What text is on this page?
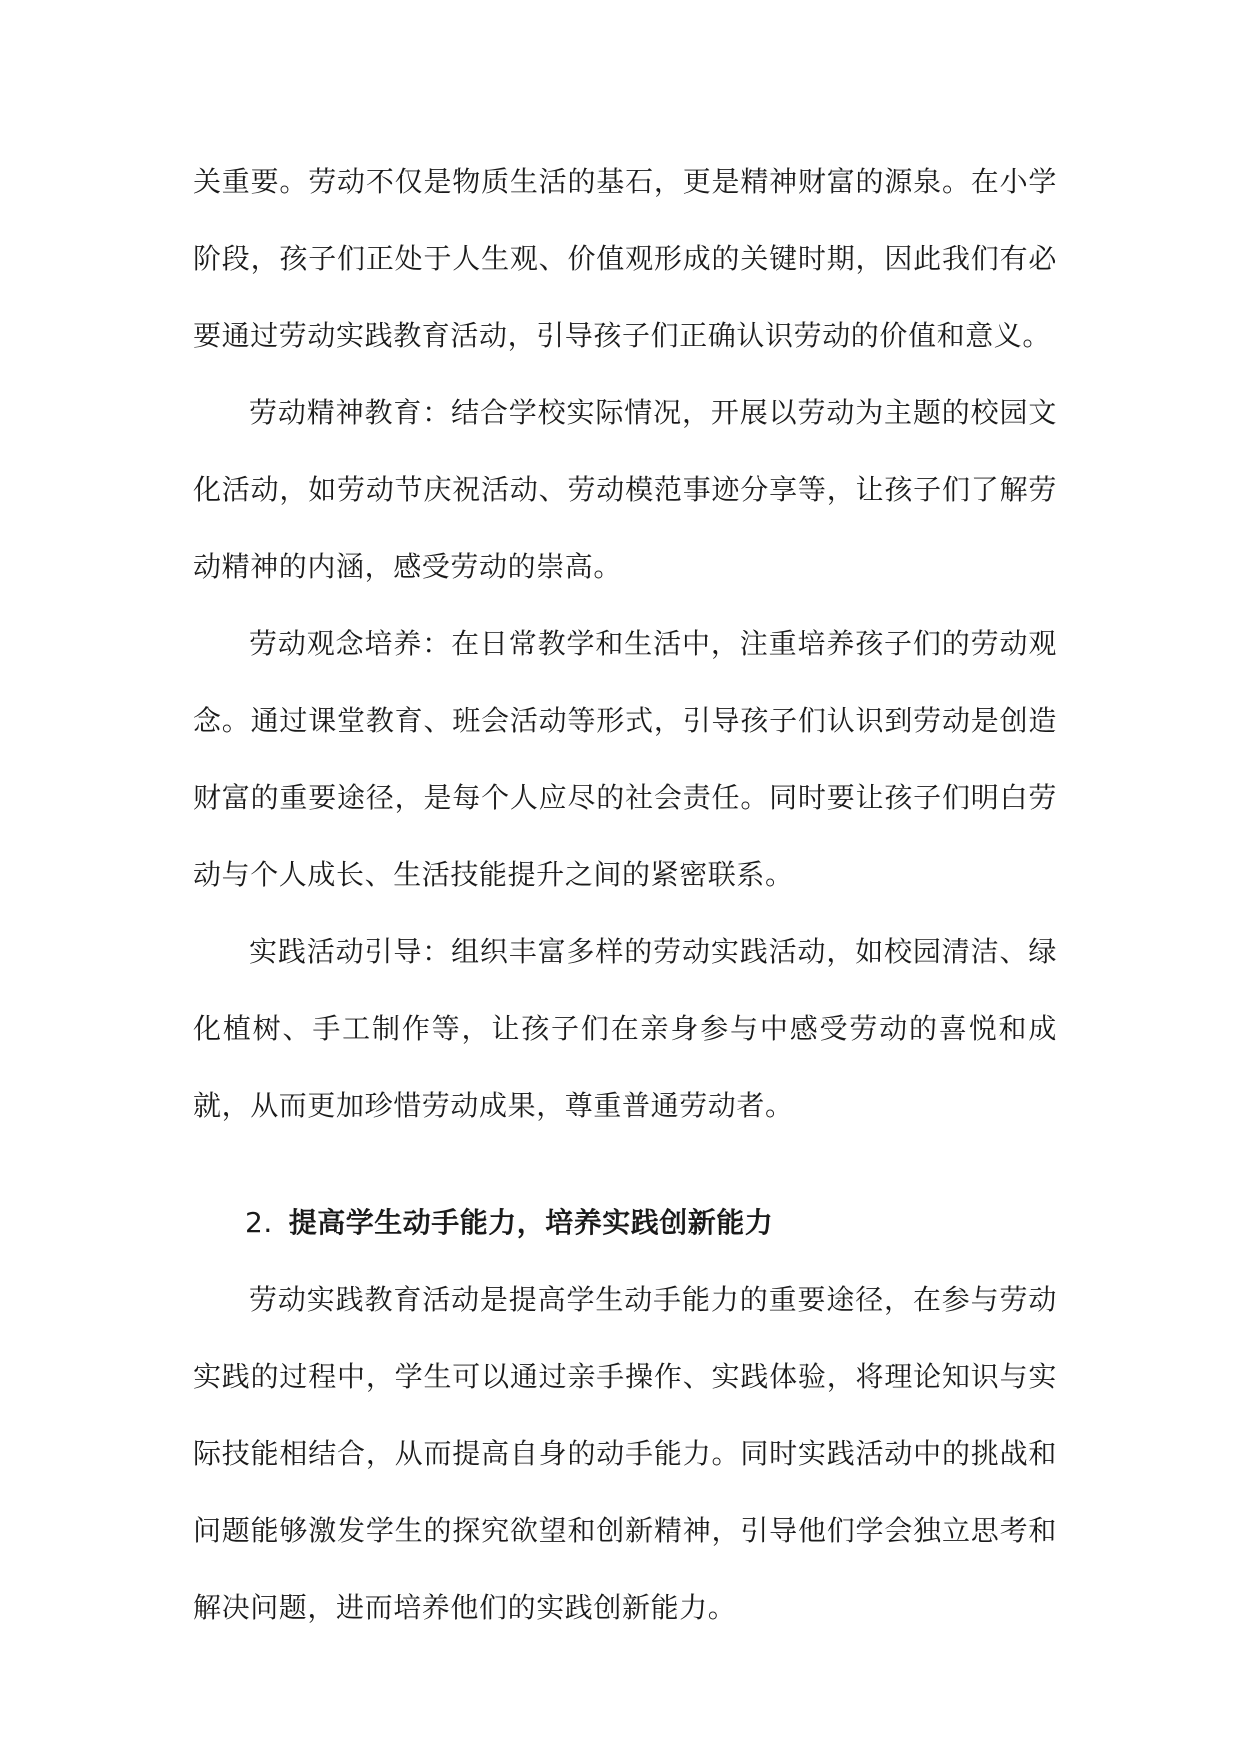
关重要。劳动不仅是物质生活的基石，更是精神财富的源泉。在小学阶段，孩子们正处于人生观、价值观形成的关键时期，因此我们有必要通过劳动实践教育活动，引导孩子们正确认识劳动的价值和意义。

劳动精神教育：结合学校实际情况，开展以劳动为主题的校园文化活动，如劳动节庆祝活动、劳动模范事迹分享等，让孩子们了解劳动精神的内涵，感受劳动的崇高。

劳动观念培养：在日常教学和生活中，注重培养孩子们的劳动观念。通过课堂教育、班会活动等形式，引导孩子们认识到劳动是创造财富的重要途径，是每个人应尽的社会责任。同时要让孩子们明白劳动与个人成长、生活技能提升之间的紧密联系。

实践活动引导：组织丰富多样的劳动实践活动，如校园清洁、绿化植树、手工制作等，让孩子们在亲身参与中感受劳动的喜悦和成就，从而更加珍惜劳动成果，尊重普通劳动者。

2. 提高学生动手能力，培养实践创新能力

劳动实践教育活动是提高学生动手能力的重要途径，在参与劳动实践的过程中，学生可以通过亲手操作、实践体验，将理论知识与实际技能相结合，从而提高自身的动手能力。同时实践活动中的挑战和问题能够激发学生的探究欲望和创新精神，引导他们学会独立思考和解决问题，进而培养他们的实践创新能力。
